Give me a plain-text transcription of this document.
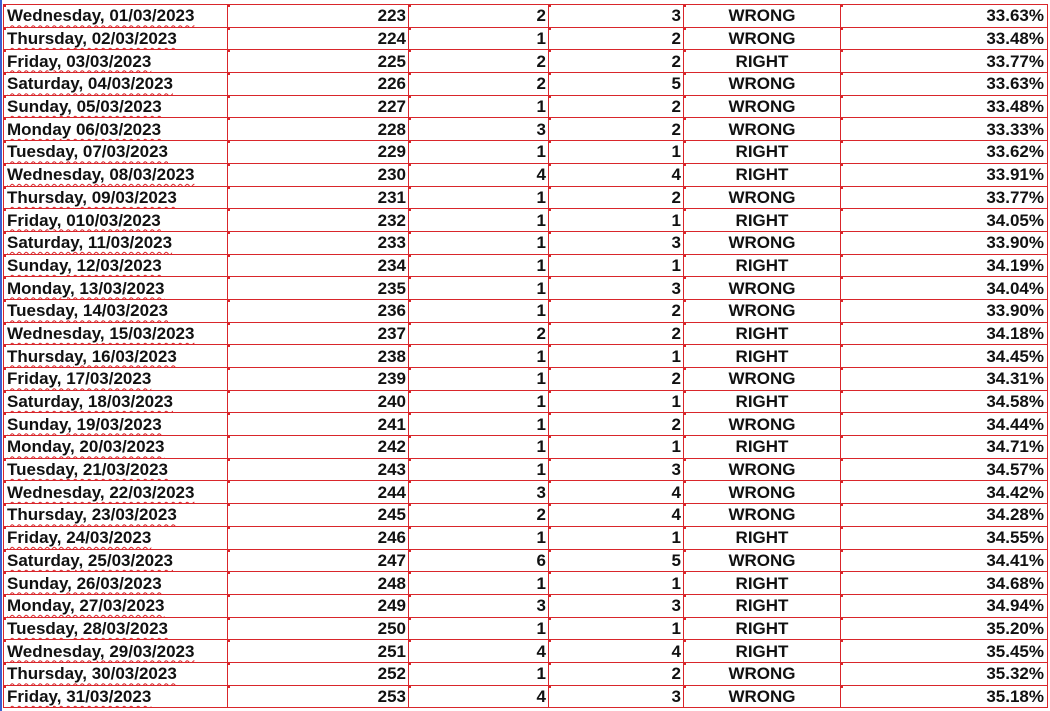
Wednesday, 01/03/2023	223	2	3	WRONG	33.63%
Thursday, 02/03/2023	224	1	2	WRONG	33.48%
Friday, 03/03/2023	225	2	2	RIGHT	33.77%
Saturday, 04/03/2023	226	2	5	WRONG	33.63%
Sunday, 05/03/2023	227	1	2	WRONG	33.48%
Monday 06/03/2023	228	3	2	WRONG	33.33%
Tuesday, 07/03/2023	229	1	1	RIGHT	33.62%
Wednesday, 08/03/2023	230	4	4	RIGHT	33.91%
Thursday, 09/03/2023	231	1	2	WRONG	33.77%
Friday, 010/03/2023	232	1	1	RIGHT	34.05%
Saturday, 11/03/2023	233	1	3	WRONG	33.90%
Sunday, 12/03/2023	234	1	1	RIGHT	34.19%
Monday, 13/03/2023	235	1	3	WRONG	34.04%
Tuesday, 14/03/2023	236	1	2	WRONG	33.90%
Wednesday, 15/03/2023	237	2	2	RIGHT	34.18%
Thursday, 16/03/2023	238	1	1	RIGHT	34.45%
Friday, 17/03/2023	239	1	2	WRONG	34.31%
Saturday, 18/03/2023	240	1	1	RIGHT	34.58%
Sunday, 19/03/2023	241	1	2	WRONG	34.44%
Monday, 20/03/2023	242	1	1	RIGHT	34.71%
Tuesday, 21/03/2023	243	1	3	WRONG	34.57%
Wednesday, 22/03/2023	244	3	4	WRONG	34.42%
Thursday, 23/03/2023	245	2	4	WRONG	34.28%
Friday, 24/03/2023	246	1	1	RIGHT	34.55%
Saturday, 25/03/2023	247	6	5	WRONG	34.41%
Sunday, 26/03/2023	248	1	1	RIGHT	34.68%
Monday, 27/03/2023	249	3	3	RIGHT	34.94%
Tuesday, 28/03/2023	250	1	1	RIGHT	35.20%
Wednesday, 29/03/2023	251	4	4	RIGHT	35.45%
Thursday, 30/03/2023	252	1	2	WRONG	35.32%
Friday, 31/03/2023	253	4	3	WRONG	35.18%
